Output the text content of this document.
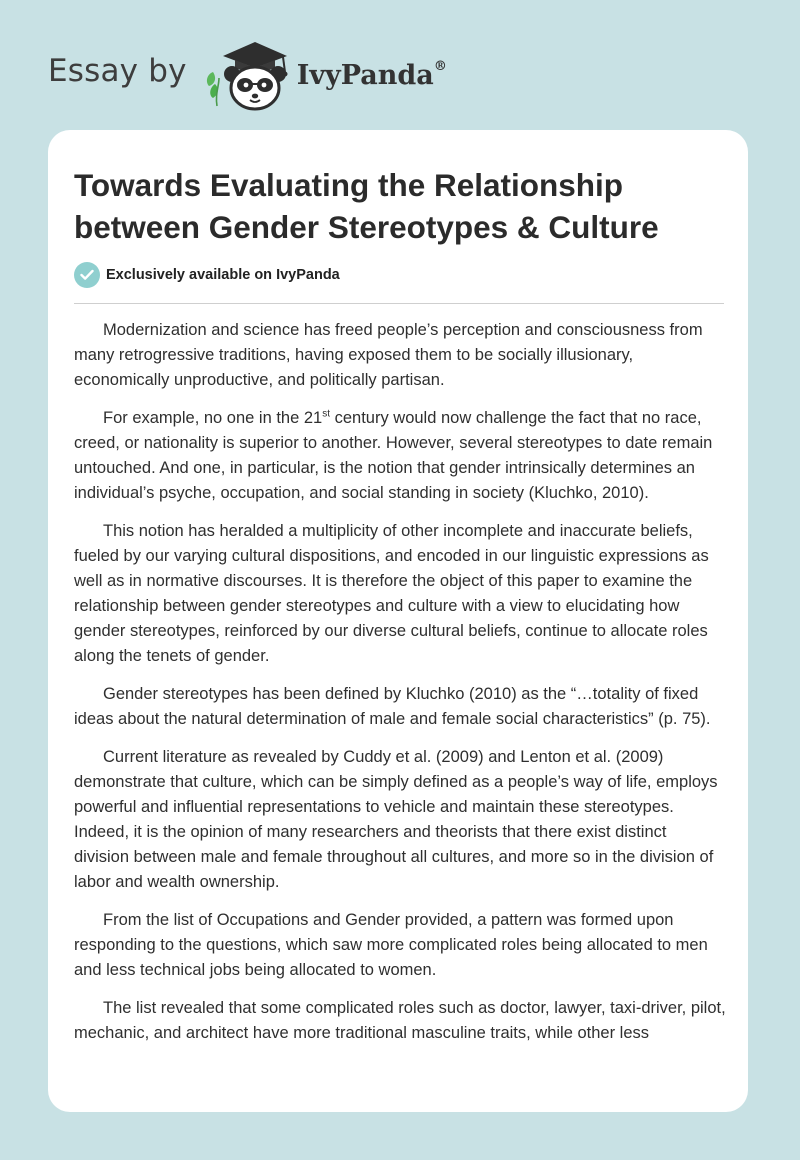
Essay by	IvyPanda®
Towards Evaluating the Relationship between Gender Stereotypes & Culture
Exclusively available on IvyPanda

Modernization and science has freed people’s perception and consciousness from many retrogressive traditions, having exposed them to be socially illusionary, economically unproductive, and politically partisan.

For example, no one in the 21st century would now challenge the fact that no race, creed, or nationality is superior to another. However, several stereotypes to date remain untouched. And one, in particular, is the notion that gender intrinsically determines an individual’s psyche, occupation, and social standing in society (Kluchko, 2010).

This notion has heralded a multiplicity of other incomplete and inaccurate beliefs, fueled by our varying cultural dispositions, and encoded in our linguistic expressions as well as in normative discourses. It is therefore the object of this paper to examine the relationship between gender stereotypes and culture with a view to elucidating how gender stereotypes, reinforced by our diverse cultural beliefs, continue to allocate roles along the tenets of gender.

Gender stereotypes has been defined by Kluchko (2010) as the “…totality of fixed ideas about the natural determination of male and female social characteristics” (p. 75).

Current literature as revealed by Cuddy et al. (2009) and Lenton et al. (2009) demonstrate that culture, which can be simply defined as a people’s way of life, employs powerful and influential representations to vehicle and maintain these stereotypes. Indeed, it is the opinion of many researchers and theorists that there exist distinct division between male and female throughout all cultures, and more so in the division of labor and wealth ownership.

From the list of Occupations and Gender provided, a pattern was formed upon responding to the questions, which saw more complicated roles being allocated to men and less technical jobs being allocated to women.

The list revealed that some complicated roles such as doctor, lawyer, taxi-driver, pilot, mechanic, and architect have more traditional masculine traits, while other less
